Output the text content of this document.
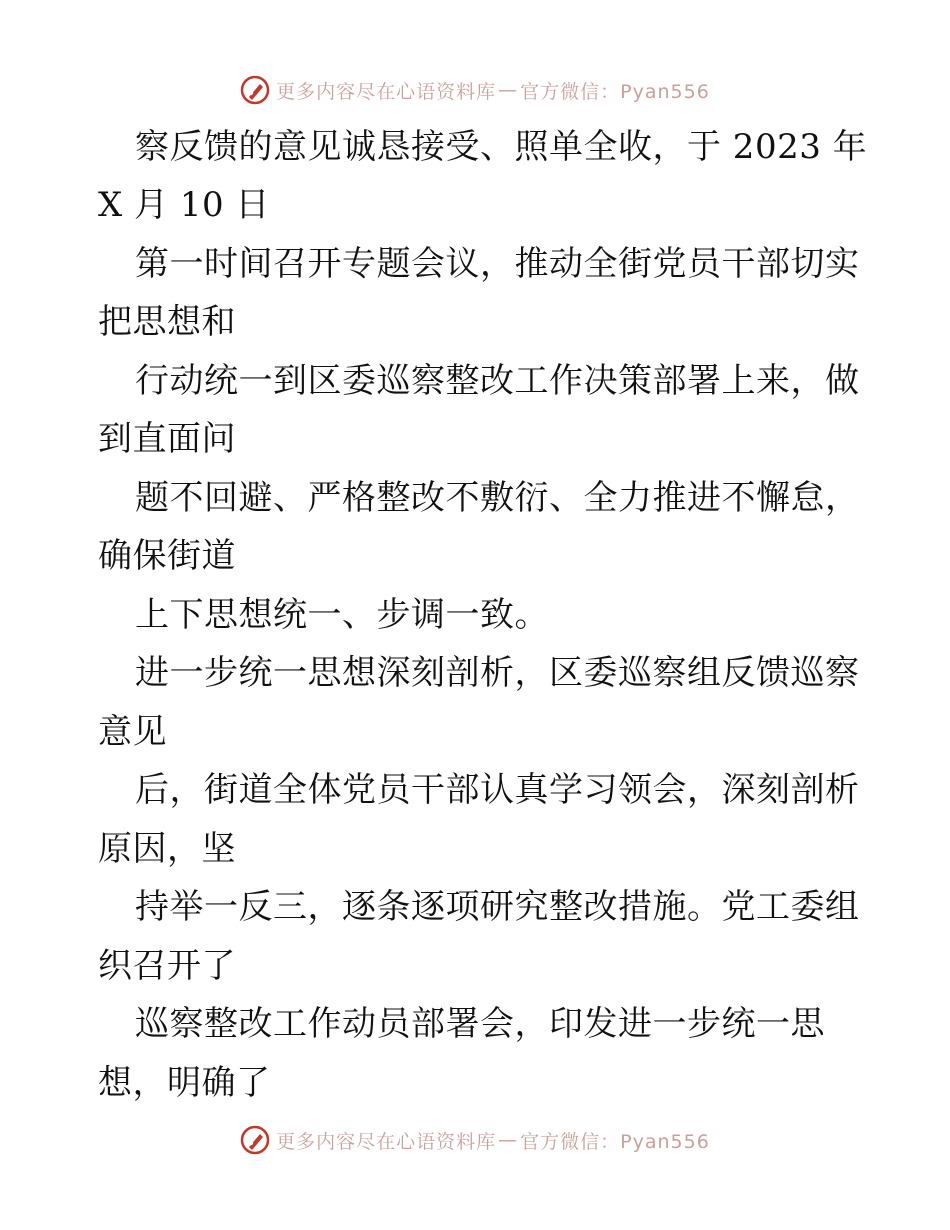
更多内容尽在心语资料库 — 官方微信：Pyan556
察反馈的意见诚恳接受、照单全收，于 2023 年
X 月 10 日
第一时间召开专题会议，推动全街党员干部切实
把思想和
行动统一到区委巡察整改工作决策部署上来，做
到直面问
题不回避、严格整改不敷衍、全力推进不懈怠，
确保街道
上下思想统一、步调一致。
进一步统一思想深刻剖析，区委巡察组反馈巡察
意见
后，街道全体党员干部认真学习领会，深刻剖析
原因，坚
持举一反三，逐条逐项研究整改措施。党工委组
织召开了
巡察整改工作动员部署会，印发进一步统一思
想，明确了
更多内容尽在心语资料库 — 官方微信：Pyan556
